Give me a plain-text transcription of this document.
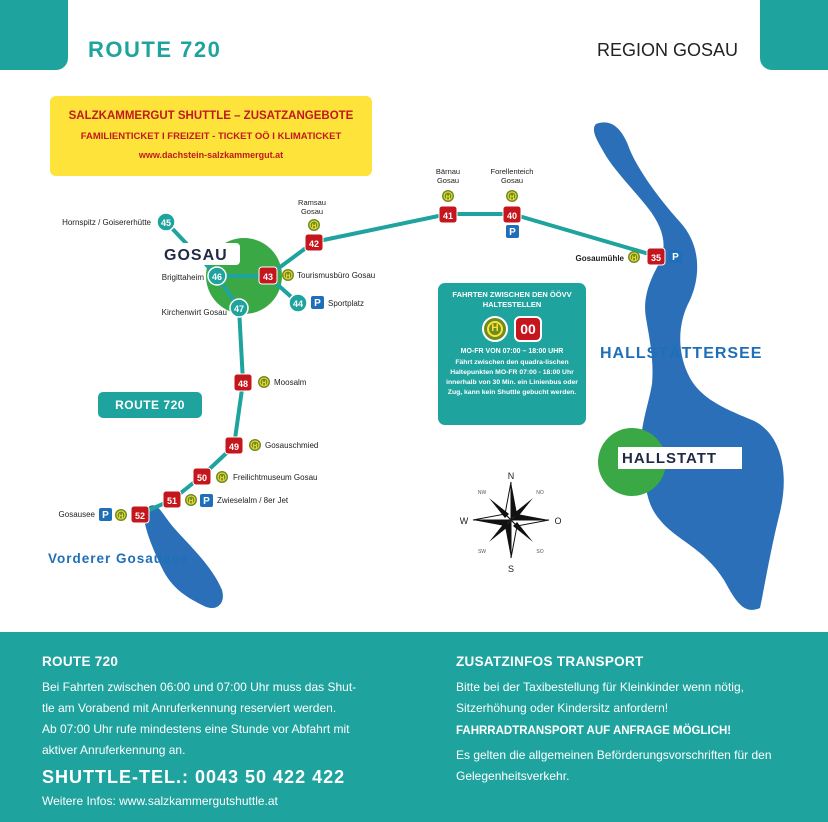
ROUTE 720	REGION GOSAU
GOSAU
45
Hornspitz / Goisererhütte
46
Brigittaheim
47
Kirchenwirt Gosau
44 P Sportplatz
43 H Tourismusbüro Gosau
42
H
Ramsau Gosau	41
H
Bärnau Gosau
40
H
P
Forellenteich Gosau
35
H	P
Gosaumühle
48 H Moosalm
49 H Gosauschmied
50 H Freilichtmuseum Gosau
51 H P Zwieselalm / 8er Jet
52
H
P
Gosausee
HALLSTÄTTERSEE
HALLSTATT
Vorderer Gosausee
N
S
W	O
NW	NO
SW	SO
SALZKAMMERGUT SHUTTLE – ZUSATZANGEBOTE
FAMILIENTICKET I FREIZEIT - TICKET OÖ I KLIMATICKET
www.dachstein-salzkammergut.at
ROUTE 720
FAHRTEN ZWISCHEN DEN ÖÖVV HALTESTELLEN
H	00
MO-FR VON 07:00 – 18:00 UHR
Fährt zwischen den quadra-lischen Haltepunkten MO-FR 07:00 - 18:00 Uhr innerhalb von 30 Min. ein Linienbus oder Zug, kann kein Shuttle gebucht werden.
ROUTE 720
Bei Fahrten zwischen 06:00 und 07:00 Uhr muss das Shut-
tle am Vorabend mit Anruferkennung reserviert werden.
Ab 07:00 Uhr rufe mindestens eine Stunde vor Abfahrt mit
aktiver Anruferkennung an.
SHUTTLE-TEL.: 0043 50 422 422
Weitere Infos: www.salzkammergutshuttle.at
ZUSATZINFOS TRANSPORT
Bitte bei der Taxibestellung für Kleinkinder wenn nötig,
Sitzerhöhung oder Kindersitz anfordern!
FAHRRADTRANSPORT AUF ANFRAGE MÖGLICH!
Es gelten die allgemeinen Beförderungsvorschriften für den
Gelegenheitsverkehr.
